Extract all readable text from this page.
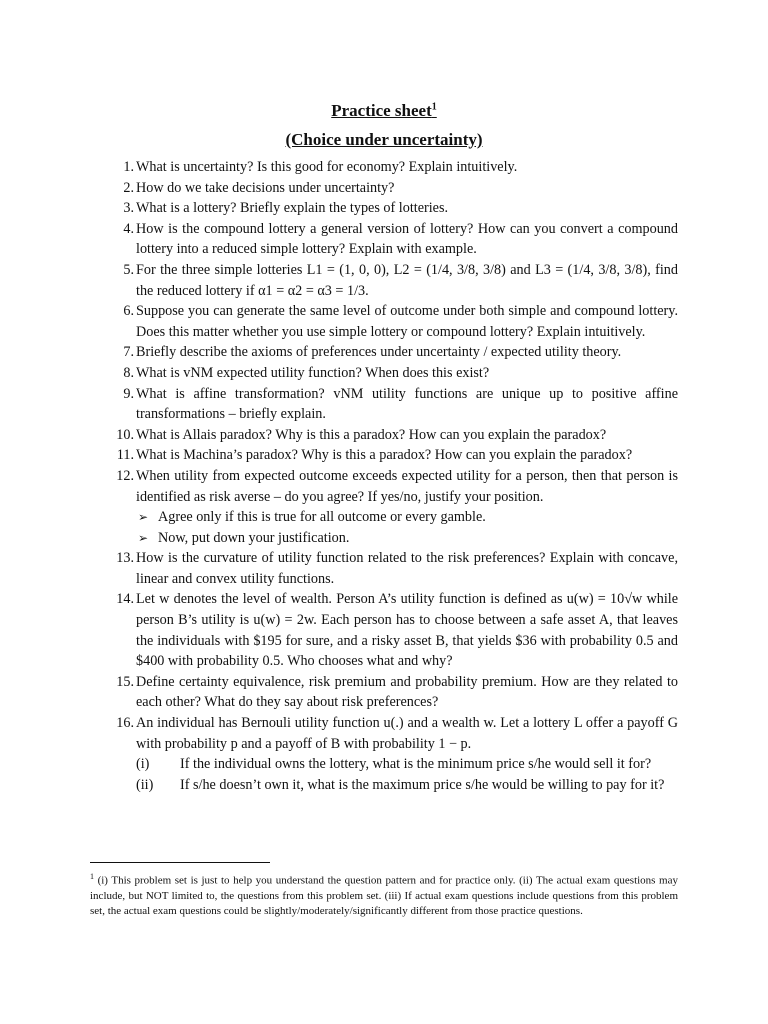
Practice sheet$^1$
(Choice under uncertainty)
1 . What is uncertainty? Is this good for economy? Explain intuitively.
2 . How do we take decisions under uncertainty?
3 . What is a lottery? Briefly explain the types of lotteries.
4 . How is the compound lottery a general version of lottery? How can you convert a compound lottery into a reduced simple lottery? Explain with example.
5 . For the three simple lotteries L1 = (1, 0, 0), L2 = (1/4, 3/8, 3/8) and L3 = (1/4, 3/8, 3/8), find the reduced lottery if α1 = α2 = α3 = 1/3.
6 . Suppose you can generate the same level of outcome under both simple and compound lottery. Does this matter whether you use simple lottery or compound lottery? Explain intuitively.
7 . Briefly describe the axioms of preferences under uncertainty / expected utility theory.
8 . What is vNM expected utility function? When does this exist?
9 . What is affine transformation? vNM utility functions are unique up to positive affine transformations – briefly explain.
10 . What is Allais paradox? Why is this a paradox? How can you explain the paradox?
11 . What is Machina’s paradox? Why is this a paradox? How can you explain the paradox?
12 . When utility from expected outcome exceeds expected utility for a person, then that person is identified as risk averse – do you agree? If yes/no, justify your position.
➢ Agree only if this is true for all outcome or every gamble.
➢ Now, put down your justification.
13 . How is the curvature of utility function related to the risk preferences? Explain with concave, linear and convex utility functions.
14 . Let w denotes the level of wealth. Person A’s utility function is defined as u(w) = 10√w while person B’s utility is u(w) = 2w. Each person has to choose between a safe asset A, that leaves the individuals with $195 for sure, and a risky asset B, that yields $36 with probability 0.5 and $400 with probability 0.5. Who chooses what and why?
15 . Define certainty equivalence, risk premium and probability premium. How are they related to each other? What do they say about risk preferences?
16 . An individual has Bernouli utility function u(.) and a wealth w. Let a lottery L offer a payoff G with probability p and a payoff of B with probability 1 − p.
(i) If the individual owns the lottery, what is the minimum price s/he would sell it for?
(ii) If s/he doesn’t own it, what is the maximum price s/he would be willing to pay for it?
$^1$ (i) This problem set is just to help you understand the question pattern and for practice only. (ii) The actual exam questions may include, but NOT limited to, the questions from this problem set. (iii) If actual exam questions include questions from this problem set, the actual exam questions could be slightly/moderately/significantly different from those practice questions.
